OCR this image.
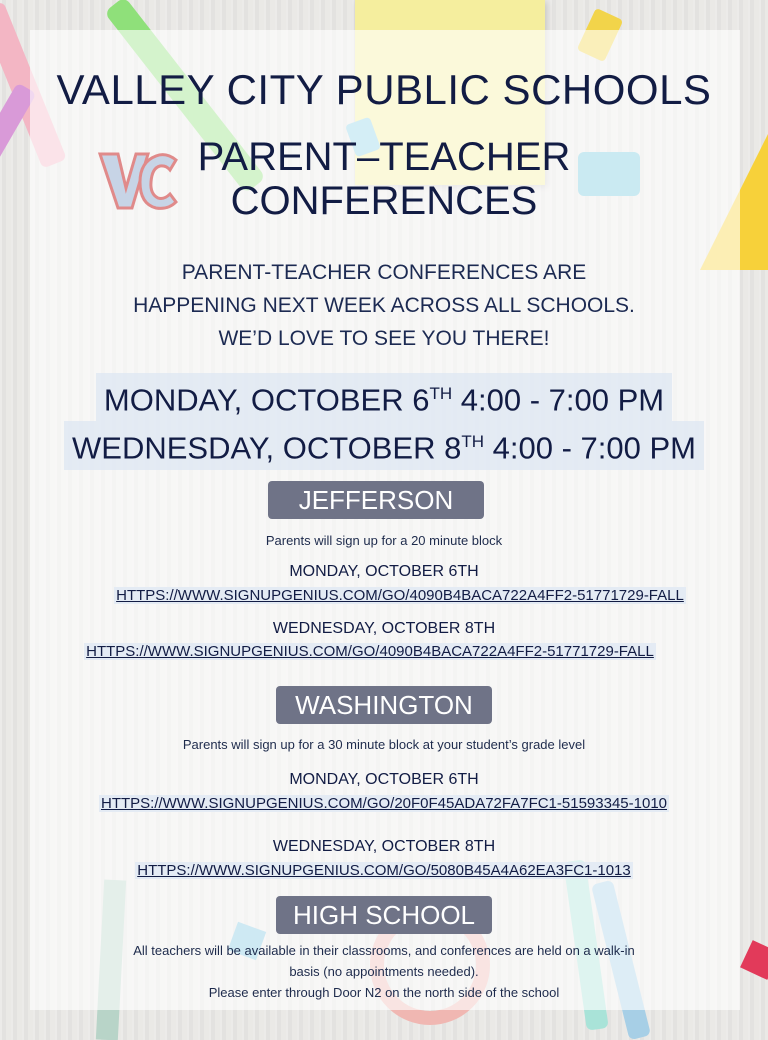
VC
VALLEY CITY PUBLIC SCHOOLS
PARENT–TEACHER
CONFERENCES
PARENT-TEACHER CONFERENCES ARE
HAPPENING NEXT WEEK ACROSS ALL SCHOOLS.
WE’D LOVE TO SEE YOU THERE!
MONDAY, OCTOBER 6TH 4:00 - 7:00 PM
WEDNESDAY, OCTOBER 8TH 4:00 - 7:00 PM
JEFFERSON
Parents will sign up for a 20 minute block
MONDAY, OCTOBER 6TH
HTTPS://WWW.SIGNUPGENIUS.COM/GO/4090B4BACA722A4FF2-51771729-FALL
WEDNESDAY, OCTOBER 8TH
HTTPS://WWW.SIGNUPGENIUS.COM/GO/4090B4BACA722A4FF2-51771729-FALL
WASHINGTON
Parents will sign up for a 30 minute block at your student’s grade level
MONDAY, OCTOBER 6TH
HTTPS://WWW.SIGNUPGENIUS.COM/GO/20F0F45ADA72FA7FC1-51593345-1010
WEDNESDAY, OCTOBER 8TH
HTTPS://WWW.SIGNUPGENIUS.COM/GO/5080B45A4A62EA3FC1-1013
HIGH SCHOOL
All teachers will be available in their classrooms, and conferences are held on a walk-in
basis (no appointments needed).
Please enter through Door N2 on the north side of the school
